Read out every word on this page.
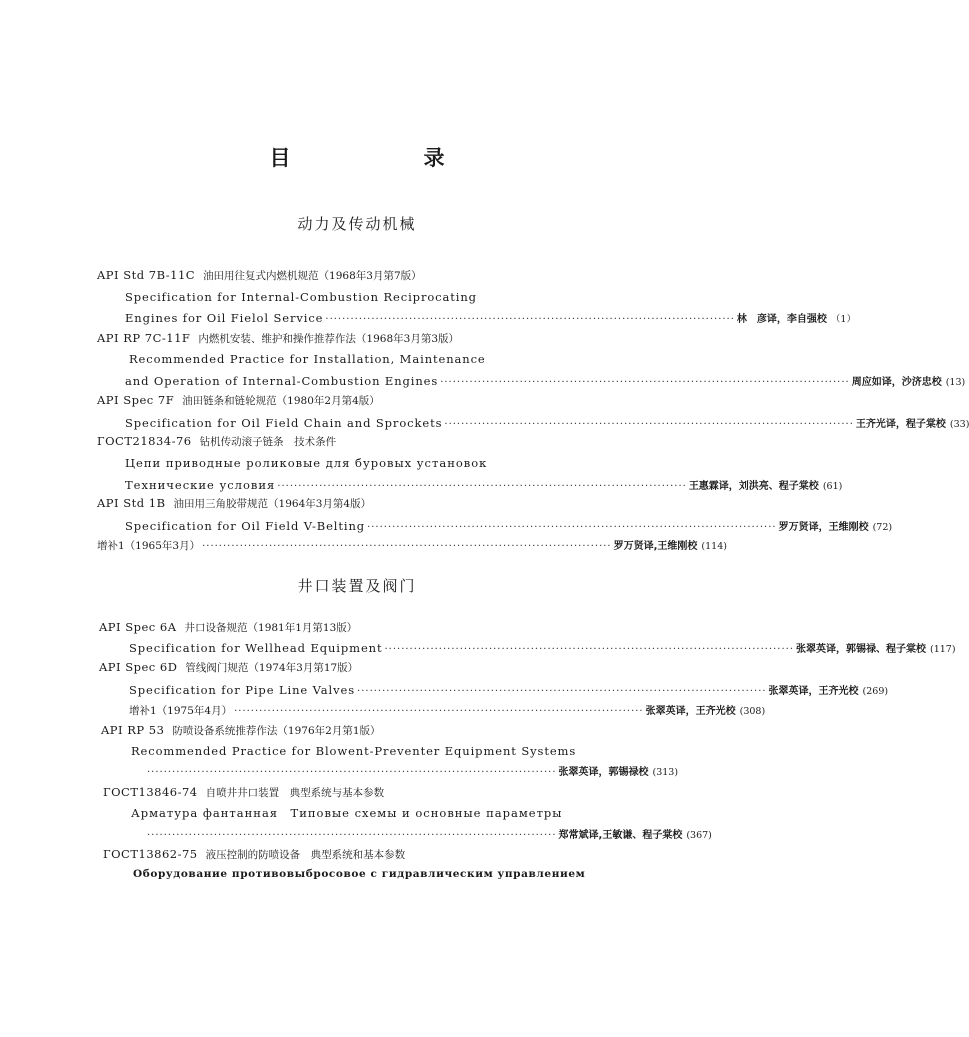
目　录
动力及传动机械
API Std 7B-11C 油田用往复式内燃机规范（1968年3月第7版）
Specification for Internal-Combustion Reciprocating
Engines for Oil Fielol Service ·································································································· 林　彦译，李自强校 （1）
API RP 7C-11F 内燃机安装、维护和操作推荐作法（1968年3月第3版）
Recommended Practice for Installation, Maintenance
and Operation of Internal-Combustion Engines ·································································································· 周应如译，沙济忠校 (13)
API Spec 7F 油田链条和链轮规范（1980年2月第4版）
Specification for Oil Field Chain and Sprockets ·································································································· 王齐光译，程子棠校 (33)
ГОСТ21834-76 钻机传动滚子链条　技术条件
Цепи приводные роликовые для буровых установок
Технические условия ·································································································· 王惠霖译，刘洪亮、程子棠校 (61)
API Std 1B 油田用三角胶带规范（1964年3月第4版）
Specification for Oil Field V-Belting ·································································································· 罗万贤译，王维刚校 (72)
增补1（1965年3月） ·································································································· 罗万贤译,王维刚校 (114)
井口装置及阀门
API Spec 6A 井口设备规范（1981年1月第13版）
Specification for Wellhead Equipment ·································································································· 张翠英译，郭锡禄、程子棠校 (117)
API Spec 6D 管线阀门规范（1974年3月第17版）
Specification for Pipe Line Valves ·································································································· 张翠英译，王齐光校 (269)
增补1（1975年4月） ·································································································· 张翠英译，王齐光校 (308)
API RP 53 防喷设备系统推荐作法（1976年2月第1版）
Recommended Practice for Blowent-Preventer Equipment Systems
·································································································· 张翠英译，郭锡禄校 (313)
ГОСТ13846-74 自喷井井口装置　典型系统与基本参数
Арматура фантанная　Типовые схемы и основные параметры
·································································································· 郑常斌译,王敏谦、程子棠校 (367)
ГОСТ13862-75 液压控制的防喷设备　典型系统和基本参数
Оборудование противовыбросовое с гидравлическим управлением
